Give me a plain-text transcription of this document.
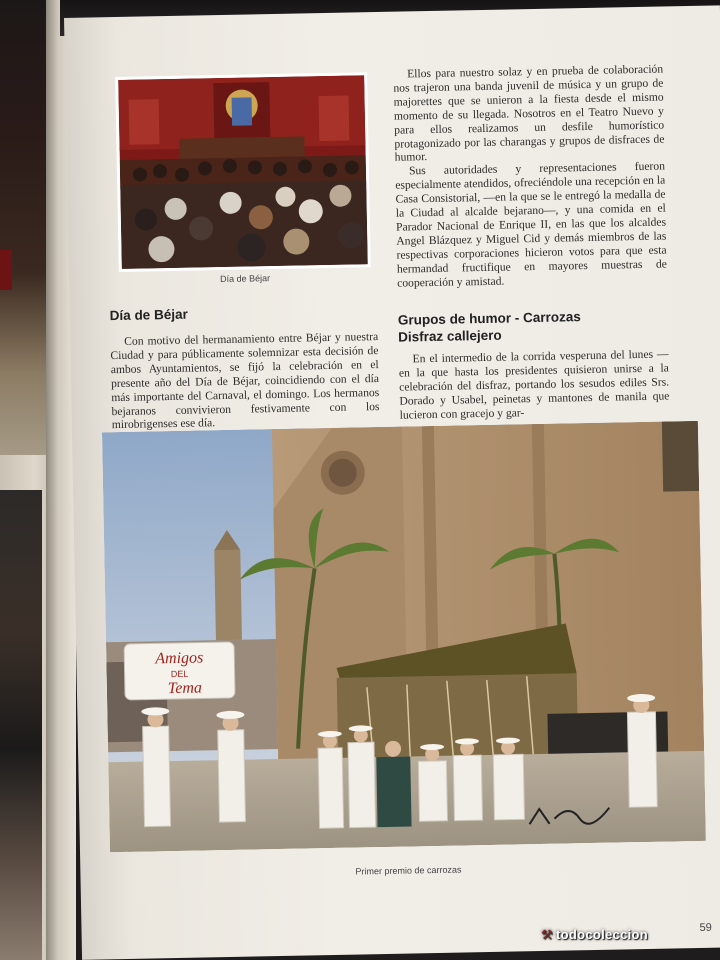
Día de Béjar
Día de Béjar

Con motivo del hermanamiento entre Béjar y nuestra Ciudad y para públicamente solemnizar esta decisión de ambos Ayuntamientos, se fijó la celebración en el presente año del Día de Béjar, coincidiendo con el día más importante del Carnaval, el domingo. Los hermanos bejaranos convivieron festivamente con los mirobrigenses ese día.

Ellos para nuestro solaz y en prueba de colaboración nos trajeron una banda juvenil de música y un grupo de majorettes que se unieron a la fiesta desde el mismo momento de su llegada. Nosotros en el Teatro Nuevo y para ellos realizamos un desfile humorístico protagonizado por las charangas y grupos de disfraces de humor.

Sus autoridades y representaciones fueron especialmente atendidos, ofreciéndole una recepción en la Casa Consistorial, —en la que se le entregó la medalla de la Ciudad al alcalde bejarano—, y una comida en el Parador Nacional de Enrique II, en las que los alcaldes Angel Blázquez y Miguel Cid y demás miembros de las respectivas corporaciones hicieron votos para que esta hermandad fructifique en mayores muestras de cooperación y amistad.

Grupos de humor - Carrozas
Disfraz callejero

En el intermedio de la corrida vesperuna del lunes —en la que hasta los presidentes quisieron unirse a la celebración del disfraz, portando los sesudos ediles Srs. Dorado y Usabel, peinetas y mantones de manila que lucieron con gracejo y gar-

Amigos
DEL
Tema
Primer premio de carrozas
59
⚒ todocoleccion
